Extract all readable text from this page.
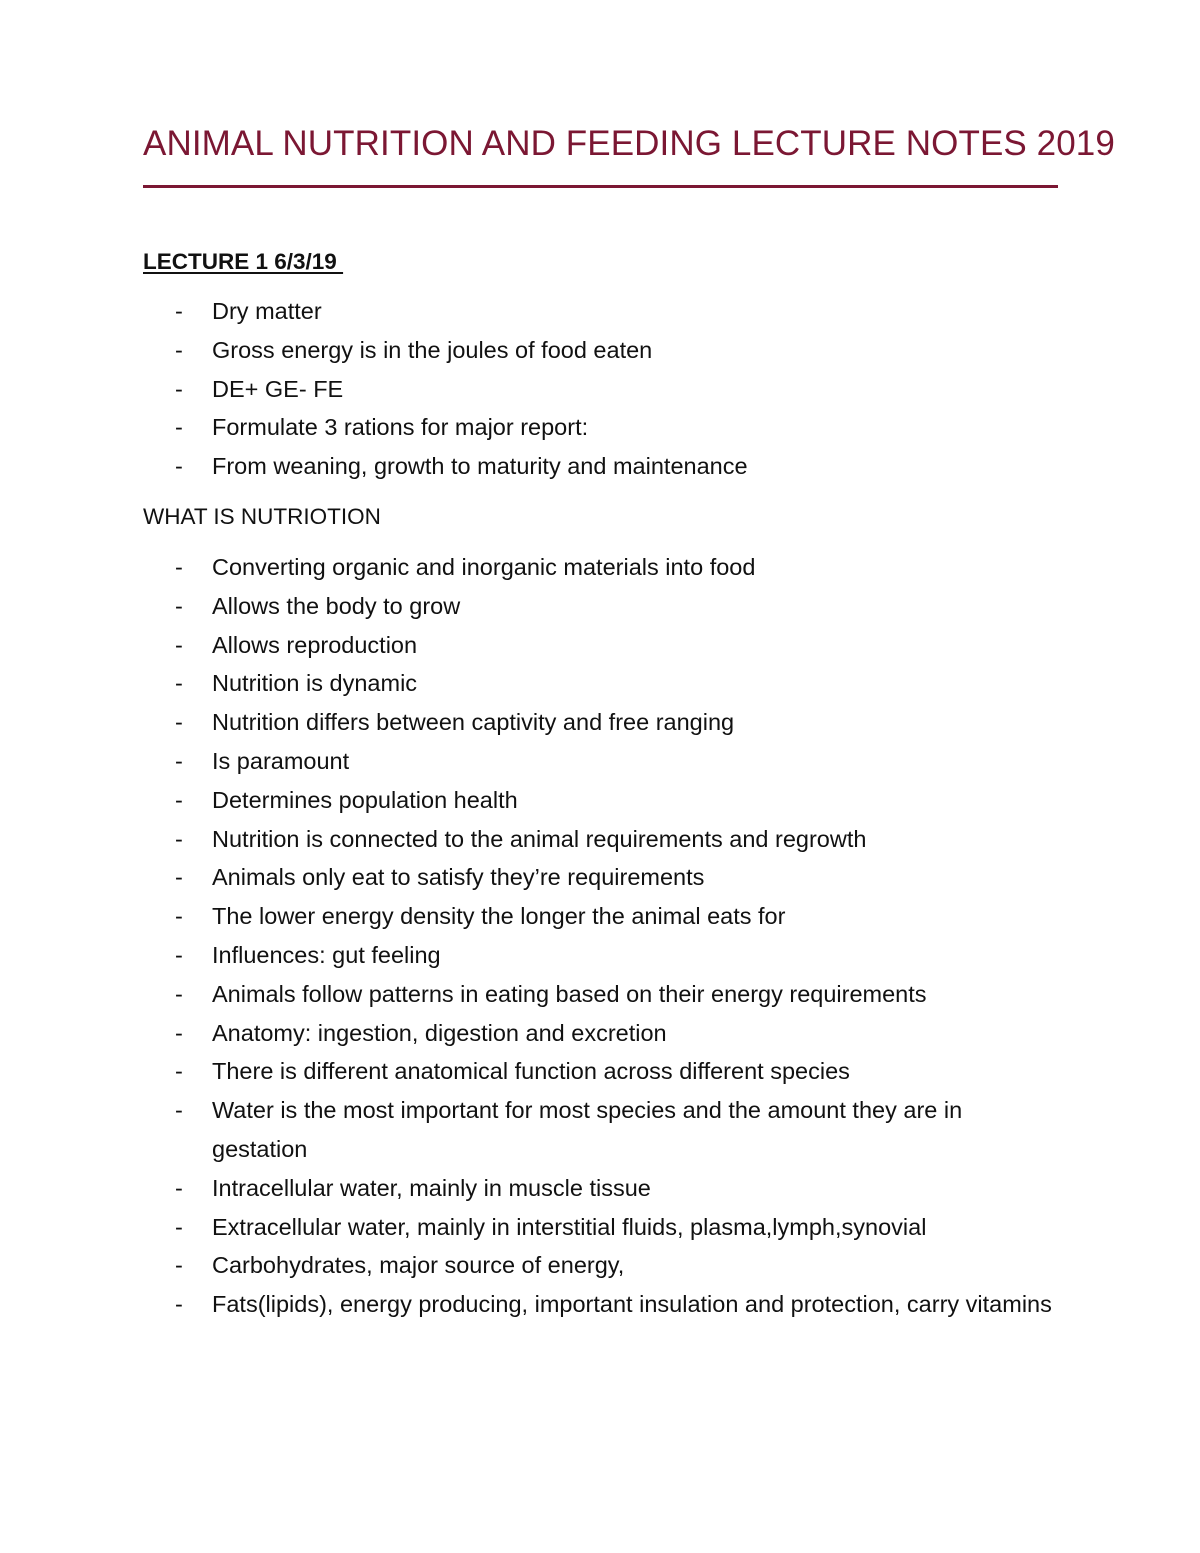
ANIMAL NUTRITION AND FEEDING LECTURE NOTES 2019
LECTURE 1 6/3/19
- Dry matter
- Gross energy is in the joules of food eaten
- DE+ GE- FE
- Formulate 3 rations for major report:
- From weaning, growth to maturity and maintenance
WHAT IS NUTRIOTION
- Converting organic and inorganic materials into food
- Allows the body to grow
- Allows reproduction
- Nutrition is dynamic
- Nutrition differs between captivity and free ranging
- Is paramount
- Determines population health
- Nutrition is connected to the animal requirements and regrowth
- Animals only eat to satisfy they’re requirements
- The lower energy density the longer the animal eats for
- Influences: gut feeling
- Animals follow patterns in eating based on their energy requirements
- Anatomy: ingestion, digestion and excretion
- There is different anatomical function across different species
- Water is the most important for most species and the amount they are in gestation
- Intracellular water, mainly in muscle tissue
- Extracellular water, mainly in interstitial fluids, plasma,lymph,synovial
- Carbohydrates, major source of energy,
- Fats(lipids), energy producing, important insulation and protection, carry vitamins
